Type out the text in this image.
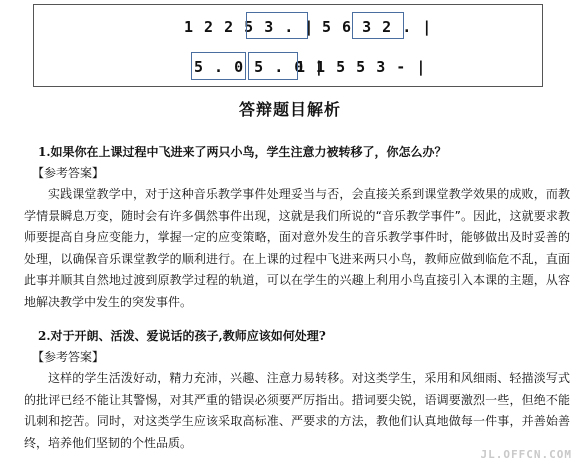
1 2 2 5 3 . | 5 6 3 2 . |
5 . 0 5 . 0 |
1 1 5 5 3 - |
答辩题目解析
1.如果你在上课过程中飞进来了两只小鸟，学生注意力被转移了，你怎么办？
【参考答案】

实践课堂教学中，对于这种音乐教学事件处理妥当与否，会直接关系到课堂教学效果的成败，而教学情景瞬息万变，随时会有许多偶然事件出现，这就是我们所说的“音乐教学事件”。因此，这就要求教师要提高自身应变能力，掌握一定的应变策略，面对意外发生的音乐教学事件时，能够做出及时妥善的处理，以确保音乐课堂教学的顺利进行。在上课的过程中飞进来两只小鸟，教师应做到临危不乱，直面此事并顺其自然地过渡到原教学过程的轨道，可以在学生的兴趣上利用小鸟直接引入本课的主题，从容地解决教学中发生的突发事件。

2.对于开朗、活泼、爱说话的孩子,教师应该如何处理?
【参考答案】

这样的学生活泼好动，精力充沛，兴趣、注意力易转移。对这类学生，采用和风细雨、轻描淡写式的批评已经不能让其警惕，对其严重的错误必须要严厉指出。措词要尖锐，语调要激烈一些，但绝不能讥刺和挖苦。同时，对这类学生应该采取高标准、严要求的方法，教他们认真地做每一件事，并善始善终，培养他们坚韧的个性品质。

JL.OFFCN.COM
